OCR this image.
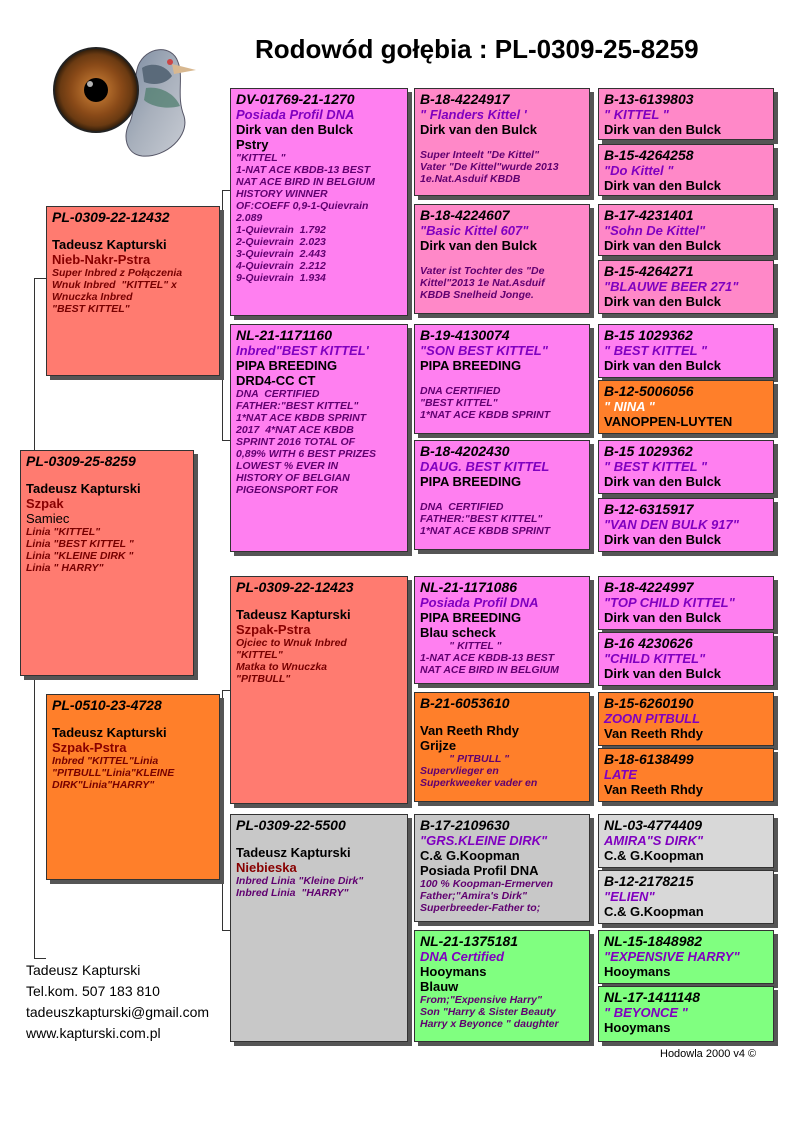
Rodowód gołębia : PL-0309-25-8259
PL-0309-25-8259
Tadeusz Kapturski
Szpak
Samiec
Linia "KITTEL"
Linia "BEST KITTEL "
Linia "KLEINE DIRK "
Linia " HARRY"
PL-0309-22-12432
Tadeusz Kapturski
Nieb-Nakr-Pstra
Super Inbred z Połączenia
Wnuk Inbred  "KITTEL" x
Wnuczka Inbred
"BEST KITTEL"
PL-0510-23-4728
Tadeusz Kapturski
Szpak-Pstra
Inbred "KITTEL"Linia
"PITBULL"Linia"KLEINE
DIRK"Linia"HARRY"
DV-01769-21-1270
Posiada Profil DNA
Dirk van den Bulck
Pstry
"KITTEL "
1-NAT ACE KBDB-13 BEST
NAT ACE BIRD IN BELGIUM
HISTORY WINNER
OF:COEFF 0,9-1-Quievrain
2.089
1-Quievrain  1.792
2-Quievrain  2.023
3-Quievrain  2.443
4-Quievrain  2.212
9-Quievrain  1.934
NL-21-1171160
Inbred"BEST KITTEL'
PIPA BREEDING
DRD4-CC CT
DNA  CERTIFIED
FATHER:"BEST KITTEL"
1*NAT ACE KBDB SPRINT
2017  4*NAT ACE KBDB
SPRINT 2016 TOTAL OF
0,89% WITH 6 BEST PRIZES
LOWEST % EVER IN
HISTORY OF BELGIAN
PIGEONSPORT FOR
PL-0309-22-12423
Tadeusz Kapturski
Szpak-Pstra
Ojciec to Wnuk Inbred
"KITTEL"
Matka to Wnuczka
"PITBULL"
PL-0309-22-5500
Tadeusz Kapturski
Niebieska
Inbred Linia "Kleine Dirk"
Inbred Linia  "HARRY"
B-18-4224917
" Flanders Kittel '
Dirk van den Bulck
Super Inteelt "De Kittel"
Vater "De Kittel"wurde 2013
1e.Nat.Asduif KBDB
B-18-4224607
"Basic Kittel 607"
Dirk van den Bulck
Vater ist Tochter des "De
Kittel"2013 1e Nat.Asduif
KBDB Snelheid Jonge.
B-19-4130074
"SON BEST KITTEL"
PIPA BREEDING
DNA CERTIFIED
"BEST KITTEL"
1*NAT ACE KBDB SPRINT
B-18-4202430
DAUG. BEST KITTEL
PIPA BREEDING
DNA  CERTIFIED
FATHER:"BEST KITTEL"
1*NAT ACE KBDB SPRINT
NL-21-1171086
Posiada Profil DNA
PIPA BREEDING
Blau scheck
" KITTEL "
1-NAT ACE KBDB-13 BEST
NAT ACE BIRD IN BELGIUM
B-21-6053610
Van Reeth Rhdy
Grijze
" PITBULL "
Supervlieger en
Superkweeker vader en
B-17-2109630
"GRS.KLEINE DIRK"
C.& G.Koopman
Posiada Profil DNA
100 % Koopman-Ermerven
Father;"Amira's Dirk"
Superbreeder-Father to;
NL-21-1375181
DNA Certified
Hooymans
Blauw
From;"Expensive Harry"
Son "Harry & Sister Beauty
Harry x Beyonce " daughter
B-13-6139803
" KITTEL "
Dirk van den Bulck
B-15-4264258
"Do Kittel "
Dirk van den Bulck
B-17-4231401
"Sohn De Kittel"
Dirk van den Bulck
B-15-4264271
"BLAUWE BEER 271"
Dirk van den Bulck
B-15 1029362
" BEST KITTEL "
Dirk van den Bulck
B-12-5006056
" NINA "
VANOPPEN-LUYTEN
B-15 1029362
" BEST KITTEL "
Dirk van den Bulck
B-12-6315917
"VAN DEN BULK 917"
Dirk van den Bulck
B-18-4224997
"TOP CHILD KITTEL"
Dirk van den Bulck
B-16 4230626
"CHILD KITTEL"
Dirk van den Bulck
B-15-6260190
ZOON PITBULL
Van Reeth Rhdy
B-18-6138499
LATE
Van Reeth Rhdy
NL-03-4774409
AMIRA"S DIRK"
C.& G.Koopman
B-12-2178215
"ELIEN"
C.& G.Koopman
NL-15-1848982
"EXPENSIVE HARRY"
Hooymans
NL-17-1411148
" BEYONCE "
Hooymans
Tadeusz Kapturski
Tel.kom. 507 183 810
tadeuszkapturski@gmail.com
www.kapturski.com.pl
Hodowla 2000 v4 ©
